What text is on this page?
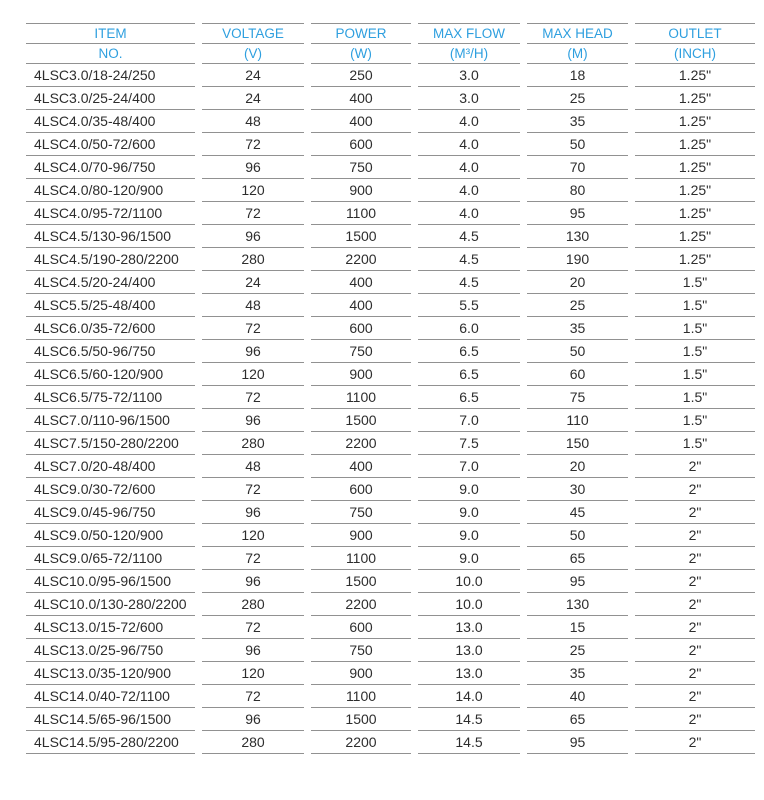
ITEM	VOLTAGE	POWER	MAX FLOW	MAX HEAD	OUTLET
NO.	(V)	(W)	(M³/H)	(M)	(INCH)
4LSC3.0/18-24/250	24	250	3.0	18	1.25"
4LSC3.0/25-24/400	24	400	3.0	25	1.25"
4LSC4.0/35-48/400	48	400	4.0	35	1.25"
4LSC4.0/50-72/600	72	600	4.0	50	1.25"
4LSC4.0/70-96/750	96	750	4.0	70	1.25"
4LSC4.0/80-120/900	120	900	4.0	80	1.25"
4LSC4.0/95-72/1100	72	1100	4.0	95	1.25"
4LSC4.5/130-96/1500	96	1500	4.5	130	1.25"
4LSC4.5/190-280/2200	280	2200	4.5	190	1.25"
4LSC4.5/20-24/400	24	400	4.5	20	1.5"
4LSC5.5/25-48/400	48	400	5.5	25	1.5"
4LSC6.0/35-72/600	72	600	6.0	35	1.5"
4LSC6.5/50-96/750	96	750	6.5	50	1.5"
4LSC6.5/60-120/900	120	900	6.5	60	1.5"
4LSC6.5/75-72/1100	72	1100	6.5	75	1.5"
4LSC7.0/110-96/1500	96	1500	7.0	110	1.5"
4LSC7.5/150-280/2200	280	2200	7.5	150	1.5"
4LSC7.0/20-48/400	48	400	7.0	20	2"
4LSC9.0/30-72/600	72	600	9.0	30	2"
4LSC9.0/45-96/750	96	750	9.0	45	2"
4LSC9.0/50-120/900	120	900	9.0	50	2"
4LSC9.0/65-72/1100	72	1100	9.0	65	2"
4LSC10.0/95-96/1500	96	1500	10.0	95	2"
4LSC10.0/130-280/2200	280	2200	10.0	130	2"
4LSC13.0/15-72/600	72	600	13.0	15	2"
4LSC13.0/25-96/750	96	750	13.0	25	2"
4LSC13.0/35-120/900	120	900	13.0	35	2"
4LSC14.0/40-72/1100	72	1100	14.0	40	2"
4LSC14.5/65-96/1500	96	1500	14.5	65	2"
4LSC14.5/95-280/2200	280	2200	14.5	95	2"
